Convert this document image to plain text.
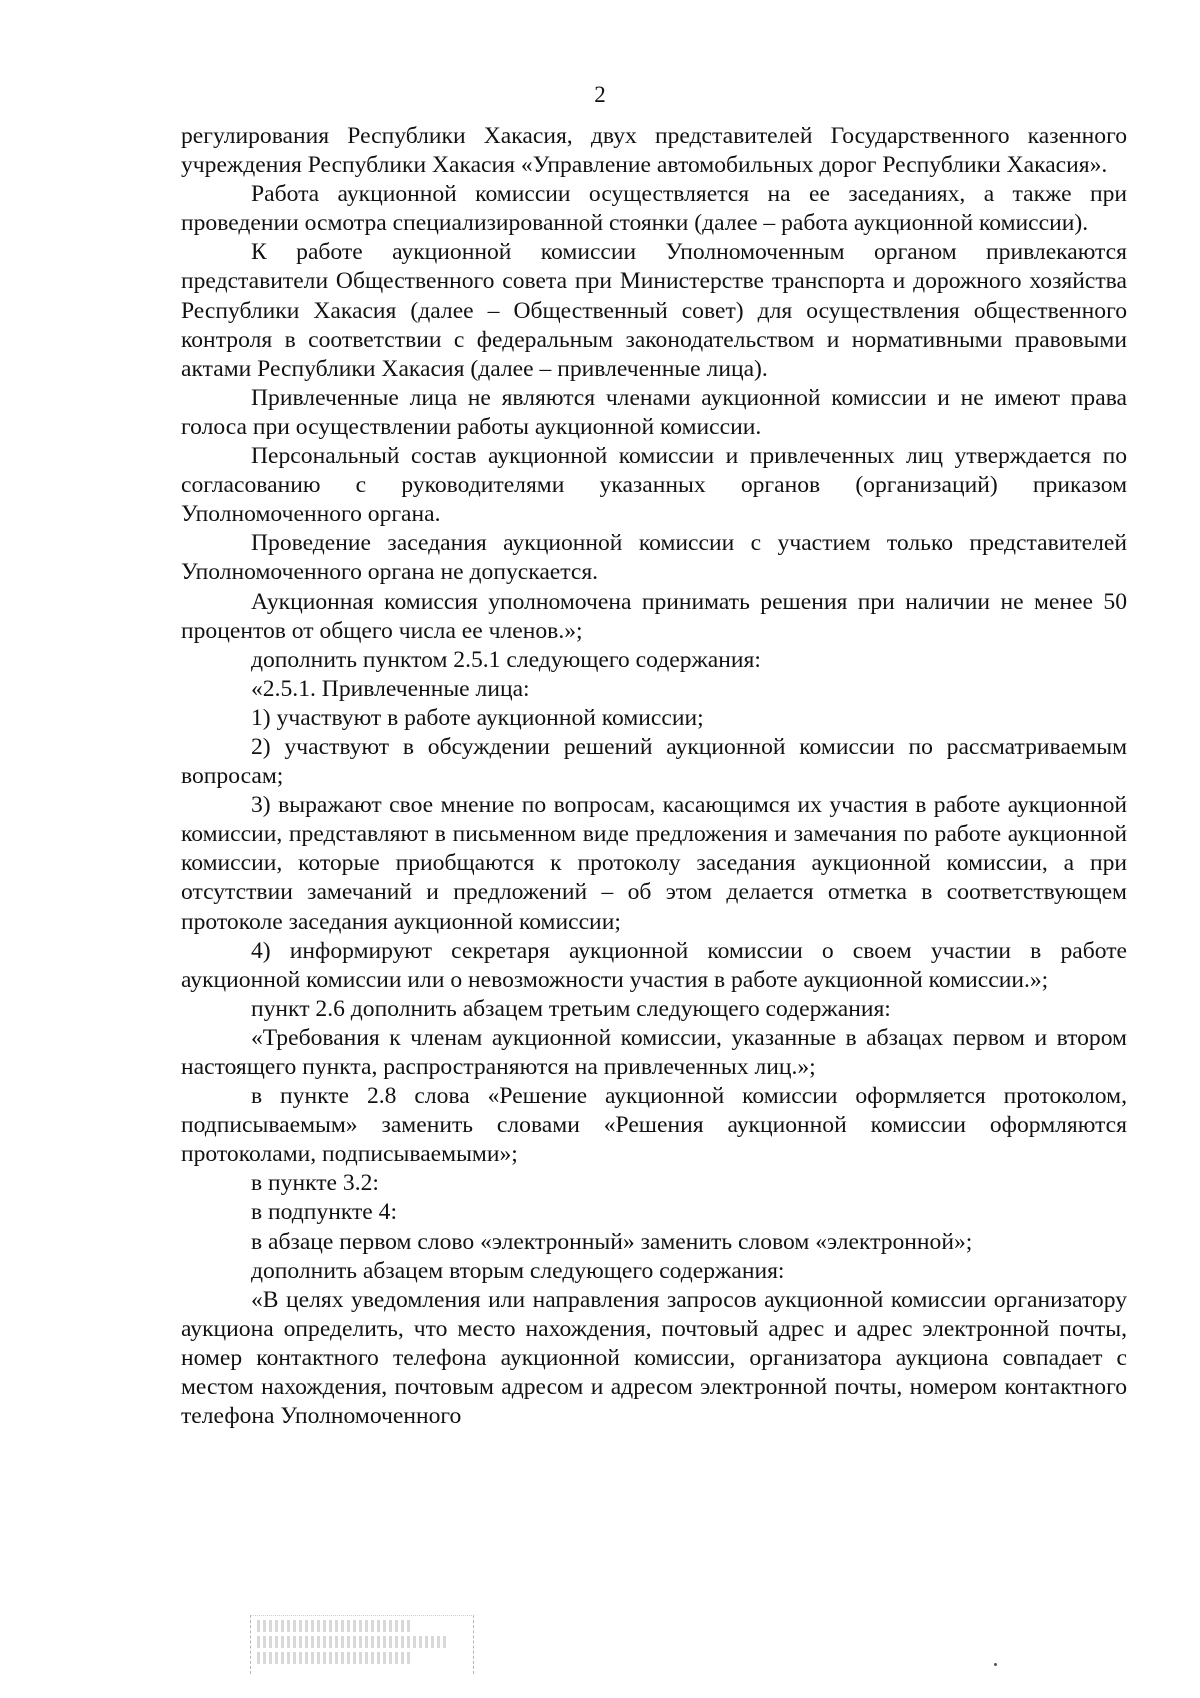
2

регулирования Республики Хакасия, двух представителей Государственного казенного учреждения Республики Хакасия «Управление автомобильных дорог Республики Хакасия».

Работа аукционной комиссии осуществляется на ее заседаниях, а также при проведении осмотра специализированной стоянки (далее – работа аукционной комиссии).

К работе аукционной комиссии Уполномоченным органом привлекаются представители Общественного совета при Министерстве транспорта и дорожного хозяйства Республики Хакасия (далее – Общественный совет) для осуществления общественного контроля в соответствии с федеральным законодательством и нормативными правовыми актами Республики Хакасия (далее – привлеченные лица).

Привлеченные лица не являются членами аукционной комиссии и не имеют права голоса при осуществлении работы аукционной комиссии.

Персональный состав аукционной комиссии и привлеченных лиц утверждается по согласованию с руководителями указанных органов (организаций) приказом Уполномоченного органа.

Проведение заседания аукционной комиссии с участием только представителей Уполномоченного органа не допускается.

Аукционная комиссия уполномочена принимать решения при наличии не менее 50 процентов от общего числа ее членов.»;

дополнить пунктом 2.5.1 следующего содержания:

«2.5.1. Привлеченные лица:

1) участвуют в работе аукционной комиссии;

2) участвуют в обсуждении решений аукционной комиссии по рассматриваемым вопросам;

3) выражают свое мнение по вопросам, касающимся их участия в работе аукционной комиссии, представляют в письменном виде предложения и замечания по работе аукционной комиссии, которые приобщаются к протоколу заседания аукционной комиссии, а при отсутствии замечаний и предложений – об этом делается отметка в соответствующем протоколе заседания аукционной комиссии;

4) информируют секретаря аукционной комиссии о своем участии в работе аукционной комиссии или о невозможности участия в работе аукционной комиссии.»;

пункт 2.6 дополнить абзацем третьим следующего содержания:

«Требования к членам аукционной комиссии, указанные в абзацах первом и втором настоящего пункта, распространяются на привлеченных лиц.»;

в пункте 2.8 слова «Решение аукционной комиссии оформляется протоколом, подписываемым» заменить словами «Решения аукционной комиссии оформляются протоколами, подписываемыми»;

в пункте 3.2:

в подпункте 4:

в абзаце первом слово «электронный» заменить словом «электронной»;

дополнить абзацем вторым следующего содержания:

«В целях уведомления или направления запросов аукционной комиссии организатору аукциона определить, что место нахождения, почтовый адрес и адрес электронной почты, номер контактного телефона аукционной комиссии, организатора аукциона совпадает с местом нахождения, почтовым адресом и адресом электронной почты, номером контактного телефона Уполномоченного
